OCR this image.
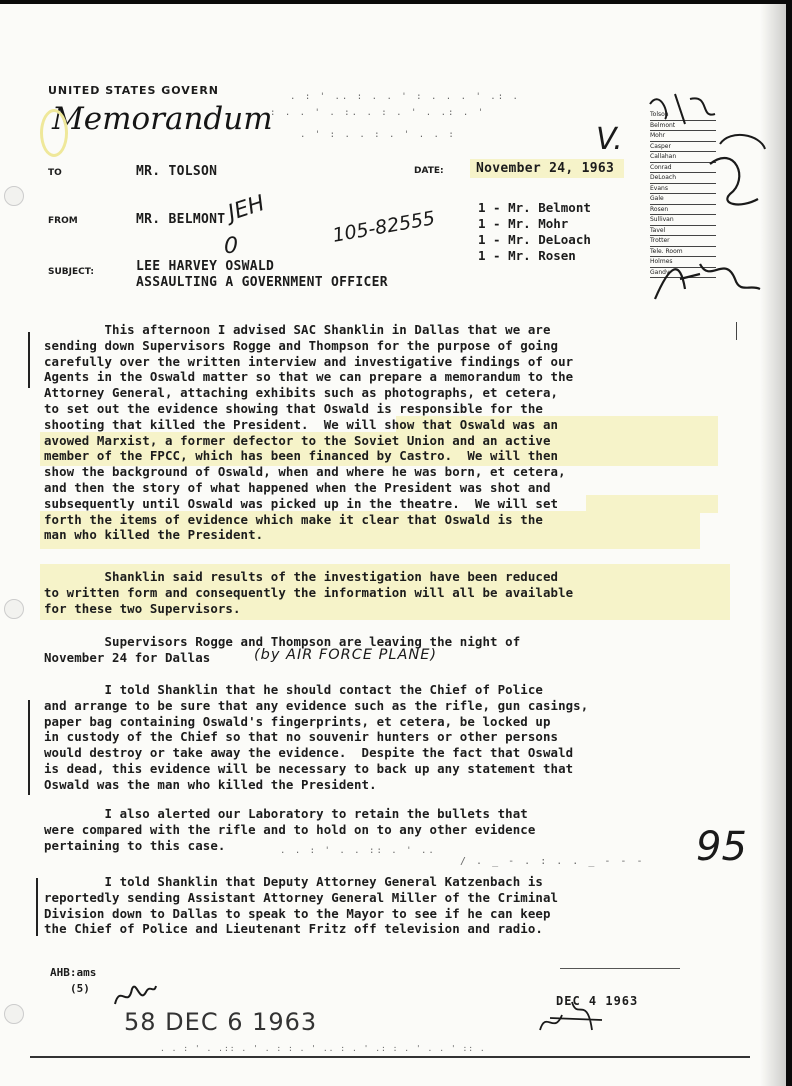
UNITED STATES GOVERN
Memorandum
. : ' .. : . . ' : . . . ' .: .
: . . ' . :. . : . ' . .: . '
. ' : . . : . ' . . :
Tolson
Belmont
Mohr
Casper
Callahan
Conrad
DeLoach
Evans
Gale
Rosen
Sullivan
Tavel
Trotter
Tele. Room
Holmes
Gandy
TO	MR. TOLSON	DATE:	November 24, 1963
FROM	MR. BELMONT
1 - Mr. Belmont
1 - Mr. Mohr
1 - Mr. DeLoach
1 - Mr. Rosen
SUBJECT:	LEE HARVEY OSWALD
ASSAULTING A GOVERNMENT OFFICER
JEH
0	105-82555
V.
This afternoon I advised SAC Shanklin in Dallas that we are
sending down Supervisors Rogge and Thompson for the purpose of going
carefully over the written interview and investigative findings of our
Agents in the Oswald matter so that we can prepare a memorandum to the
Attorney General, attaching exhibits such as photographs, et cetera,
to set out the evidence showing that Oswald is responsible for the
shooting that killed the President.  We will show that Oswald was an
avowed Marxist, a former defector to the Soviet Union and an active
member of the FPCC, which has been financed by Castro.  We will then
show the background of Oswald, when and where he was born, et cetera,
and then the story of what happened when the President was shot and
subsequently until Oswald was picked up in the theatre.  We will set
forth the items of evidence which make it clear that Oswald is the
man who killed the President.
Shanklin said results of the investigation have been reduced
to written form and consequently the information will all be available
for these two Supervisors.
Supervisors Rogge and Thompson are leaving the night of
November 24 for Dallas	(by AIR FORCE PLANE)
I told Shanklin that he should contact the Chief of Police
and arrange to be sure that any evidence such as the rifle, gun casings,
paper bag containing Oswald's fingerprints, et cetera, be locked up
in custody of the Chief so that no souvenir hunters or other persons
would destroy or take away the evidence.  Despite the fact that Oswald
is dead, this evidence will be necessary to back up any statement that
Oswald was the man who killed the President.
I also alerted our Laboratory to retain the bullets that
were compared with the rifle and to hold on to any other evidence
pertaining to this case.
I told Shanklin that Deputy Attorney General Katzenbach is
reportedly sending Assistant Attorney General Miller of the Criminal
Division down to Dallas to speak to the Mayor to see if he can keep
the Chief of Police and Lieutenant Fritz off television and radio.
95
/ . _ - . : . . _ - - -
. . : ' . . :: . ' ..
AHB:ams
(5)
58 DEC 6 1963
DEC 4 1963
. . : ' . .:: . ' . : : . ' .. : . ' .: : . ' . . ' :: .
